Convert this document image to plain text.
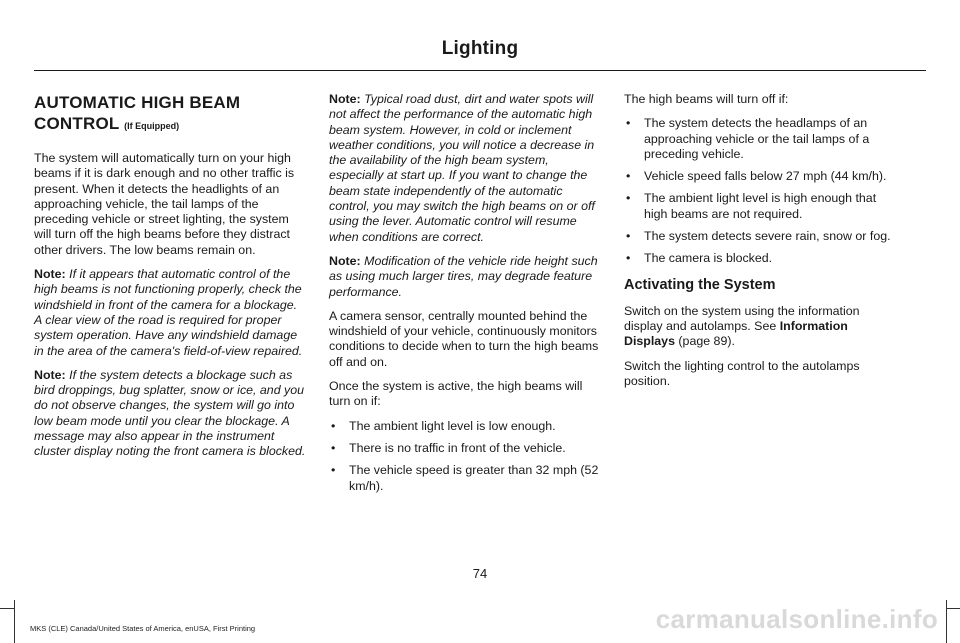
Lighting
AUTOMATIC HIGH BEAM
CONTROL (If Equipped)

The system will automatically turn on your high beams if it is dark enough and no other traffic is present. When it detects the headlights of an approaching vehicle, the tail lamps of the preceding vehicle or street lighting, the system will turn off the high beams before they distract other drivers. The low beams remain on.

Note: If it appears that automatic control of the high beams is not functioning properly, check the windshield in front of the camera for a blockage. A clear view of the road is required for proper system operation. Have any windshield damage in the area of the camera's field-of-view repaired.

Note: If the system detects a blockage such as bird droppings, bug splatter, snow or ice, and you do not observe changes, the system will go into low beam mode until you clear the blockage. A message may also appear in the instrument cluster display noting the front camera is blocked.

Note: Typical road dust, dirt and water spots will not affect the performance of the automatic high beam system. However, in cold or inclement weather conditions, you will notice a decrease in the availability of the high beam system, especially at start up. If you want to change the beam state independently of the automatic control, you may switch the high beams on or off using the lever. Automatic control will resume when conditions are correct.

Note: Modification of the vehicle ride height such as using much larger tires, may degrade feature performance.

A camera sensor, centrally mounted behind the windshield of your vehicle, continuously monitors conditions to decide when to turn the high beams off and on.

Once the system is active, the high beams will turn on if:

• The ambient light level is low enough.
• There is no traffic in front of the vehicle.
• The vehicle speed is greater than 32 mph (52 km/h).

The high beams will turn off if:

• The system detects the headlamps of an approaching vehicle or the tail lamps of a preceding vehicle.
• Vehicle speed falls below 27 mph (44 km/h).
• The ambient light level is high enough that high beams are not required.
• The system detects severe rain, snow or fog.
• The camera is blocked.
Activating the System

Switch on the system using the information display and autolamps. See Information Displays (page 89).

Switch the lighting control to the autolamps position.

74
MKS (CLE) Canada/United States of America, enUSA, First Printing	carmanualsonline.info
